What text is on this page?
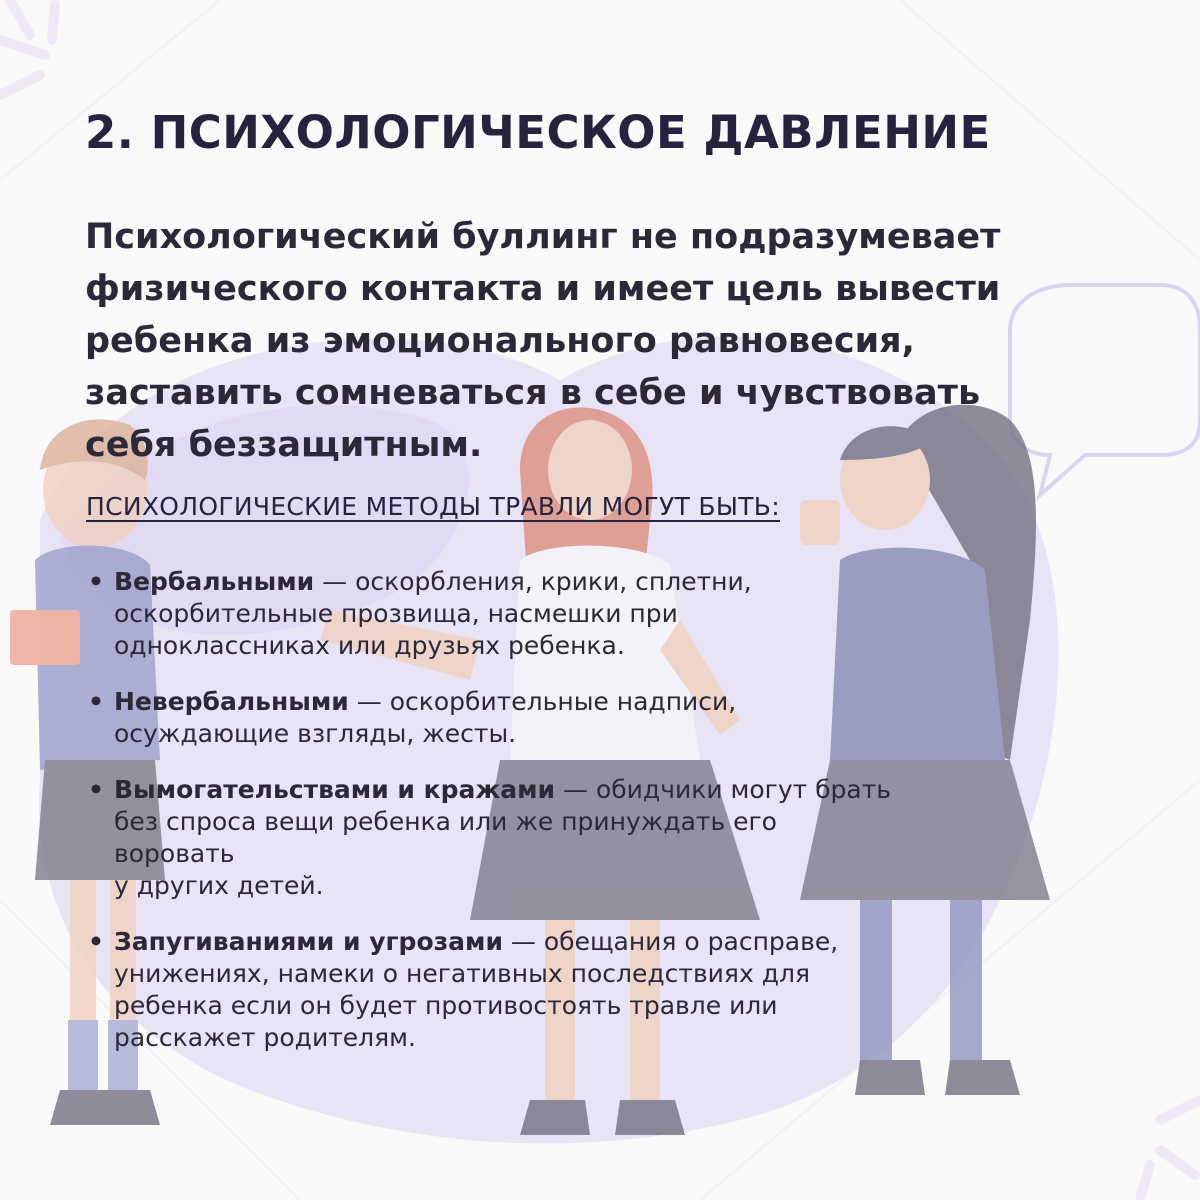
2. ПСИХОЛОГИЧЕСКОЕ ДАВЛЕНИЕ

Психологический буллинг не подразумевает
физического контакта и имеет цель вывести
ребенка из эмоционального равновесия,
заставить сомневаться в себе и чувствовать
себя беззащитным.

ПСИХОЛОГИЧЕСКИЕ МЕТОДЫ ТРАВЛИ МОГУТ БЫТЬ:
• Вербальными — оскорбления, крики, сплетни,
оскорбительные прозвища, насмешки при
одноклассниках или друзьях ребенка.
• Невербальными — оскорбительные надписи,
осуждающие взгляды, жесты.
• Вымогательствами и кражами — обидчики могут брать
без спроса вещи ребенка или же принуждать его
воровать
у других детей.
• Запугиваниями и угрозами — обещания о расправе,
унижениях, намеки о негативных последствиях для
ребенка если он будет противостоять травле или
расскажет родителям.
